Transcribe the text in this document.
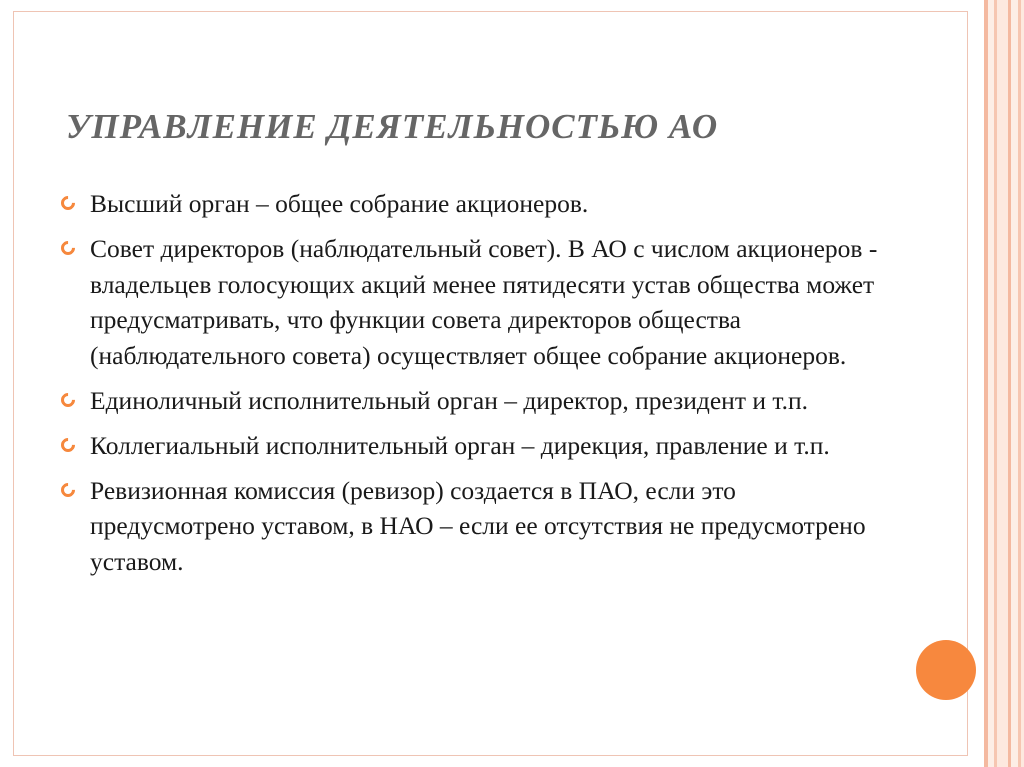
УПРАВЛЕНИЕ ДЕЯТЕЛЬНОСТЬЮ АО
Высший орган – общее собрание акционеров.
Совет директоров (наблюдательный совет). В АО с числом акционеров - владельцев голосующих акций менее пятидесяти устав общества может предусматривать, что функции совета директоров общества (наблюдательного совета) осуществляет общее собрание акционеров.
Единоличный исполнительный орган – директор, президент и т.п.
Коллегиальный исполнительный орган – дирекция, правление и т.п.
Ревизионная комиссия (ревизор) создается в ПАО, если это предусмотрено уставом, в НАО – если ее отсутствия не предусмотрено уставом.
